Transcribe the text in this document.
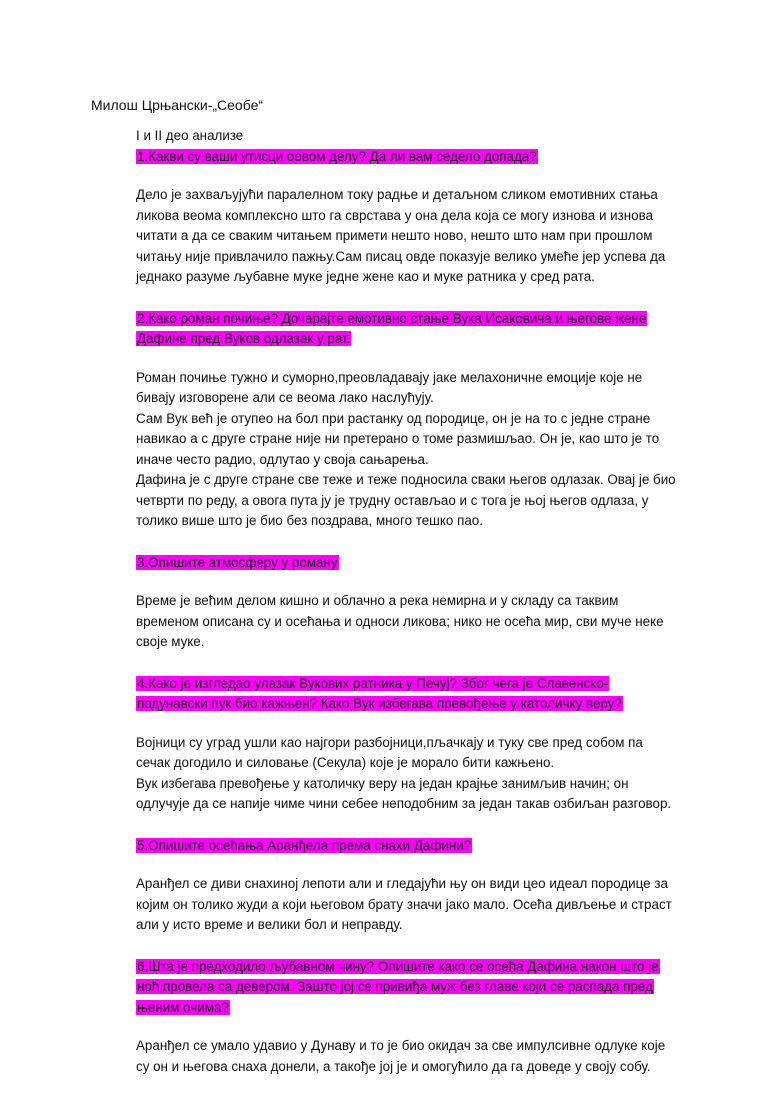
Милош Црњански-„Сеобе“

I и II део анализе

1.Какви су ваши утисци оовом делу? Да ли вам седело допада?

Дело је захваљујући паралелном току радње и детаљном сликом емотивних стања ликова веома комплексно што га сврстава у она дела која се могу изнова и изнова читати а да се сваким читањем примети нешто ново, нешто што нам при прошлом читању није привлачило пажњу.Сам писац овде показује велико умеће јер успева да једнако разуме љубавне муке једне жене као и муке ратника у сред рата.

2.Како роман почиње? Дочарајте емотивно стање Вука Исаковича и његове жене Дафине пред Вуков одлазак у рат.

Роман почиње тужно и суморно,преовладавају јаке мелахоничне емоције које не бивају изговорене али се веома лако наслућују.

Сам Вук већ је отупео на бол при растанку од породице, он је на то с једне стране навикао а с друге стране није ни претерано о томе размишљао. Он је, као што је то иначе често радио, одлутао у своја сањарења.

Дафина је с друге стране све теже и теже подносила сваки његов одлазак. Овај је био четврти по реду, а овога пута ју је трудну остављао и с тога је њој његов одлаза, у толико више што је био без поздрава, много тешко пао.

3.Опишите атмосферу у роману

Време је већим делом кишно и облачно а река немирна и у складу са таквим временом описана су и осећања и односи ликова; нико не осећа мир, сви муче неке своје муке.

4.Како је изгледао улазак Вукових ратника у Печуј? Због чега је Славенско-подунавски пук био кажњен? Како Вук избегава превођење у католичку веру?

Војници су уград ушли као најгори разбојници,пљачкају и туку све пред собом па сечак догодило и силовање (Секула) које је морало бити кажњено.

Вук избегава превођење у католичку веру на један крајње занимљив начин; он одлучује да се напије чиме чини себее неподобним за један такав озбиљан разговор.

5.Опишите осећања Аранђела према снахи Дафини?

Аранђел се диви снахиној лепоти али и гледајући њу он види цео идеал породице за којим он толико жуди а који његовом брату значи јако мало. Осећа дивљење и страст али у исто време и велики бол и неправду.

6.Шта је предходило љубавном чину? Опишите како се осећа Дафина након што је ноћ провела са девером. Зашто јој се привиђа муж без главе који се распада пред њеним очима?

Аранђел се умало удавио у Дунаву и то је био окидач за све импулсивне одлуке које су он и његова снаха донели, а такође јој је и омогућило да га доведе у своју собу.
